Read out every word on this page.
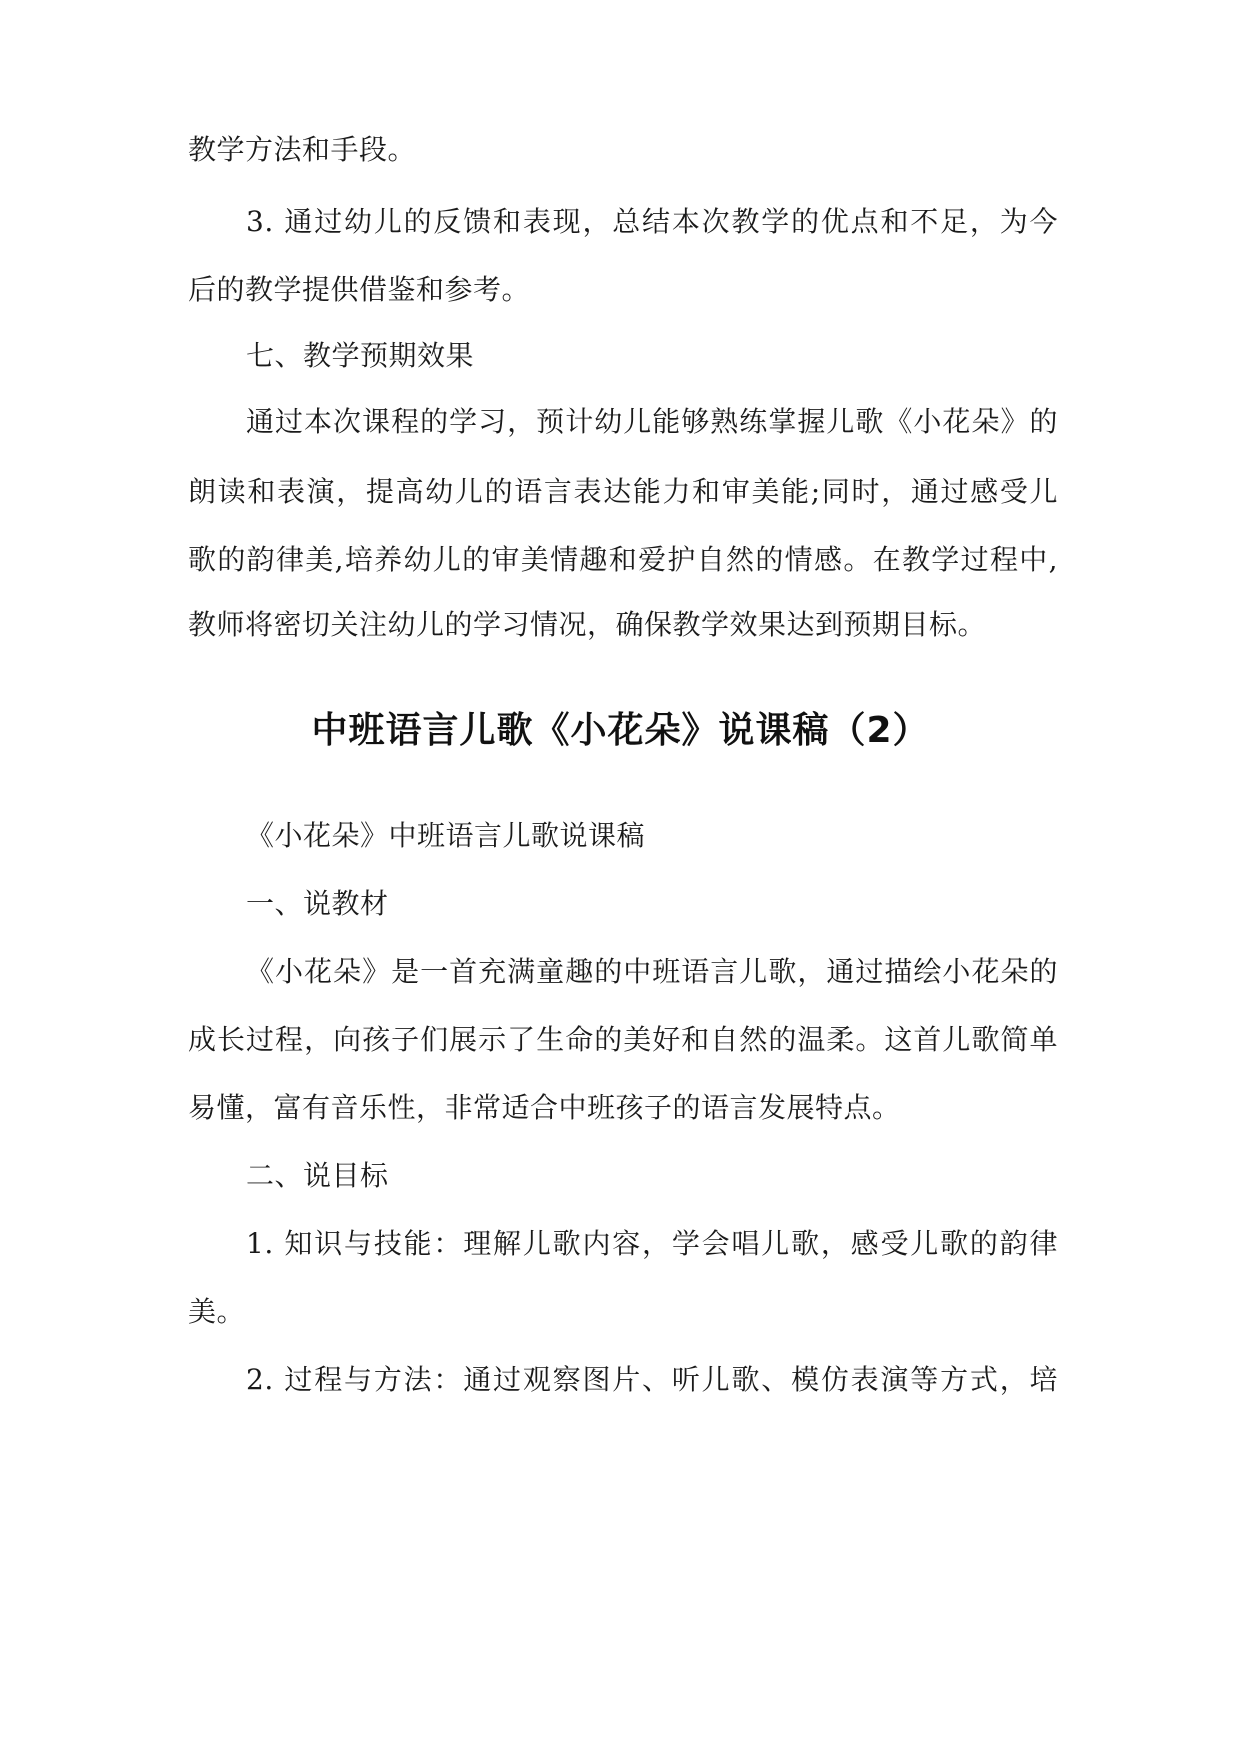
教学方法和手段。
3. 通过幼儿的反馈和表现，总结本次教学的优点和不足，为今
后的教学提供借鉴和参考。
七、教学预期效果
通过本次课程的学习，预计幼儿能够熟练掌握儿歌《小花朵》的
朗读和表演，提高幼儿的语言表达能力和审美能;同时，通过感受儿
歌的韵律美,培养幼儿的审美情趣和爱护自然的情感。在教学过程中,
教师将密切关注幼儿的学习情况，确保教学效果达到预期目标。
中班语言儿歌《小花朵》说课稿（2）
《小花朵》中班语言儿歌说课稿
一、说教材
《小花朵》是一首充满童趣的中班语言儿歌，通过描绘小花朵的
成长过程，向孩子们展示了生命的美好和自然的温柔。这首儿歌简单
易懂，富有音乐性，非常适合中班孩子的语言发展特点。
二、说目标
1. 知识与技能：理解儿歌内容，学会唱儿歌，感受儿歌的韵律
美。
2. 过程与方法：通过观察图片、听儿歌、模仿表演等方式，培
